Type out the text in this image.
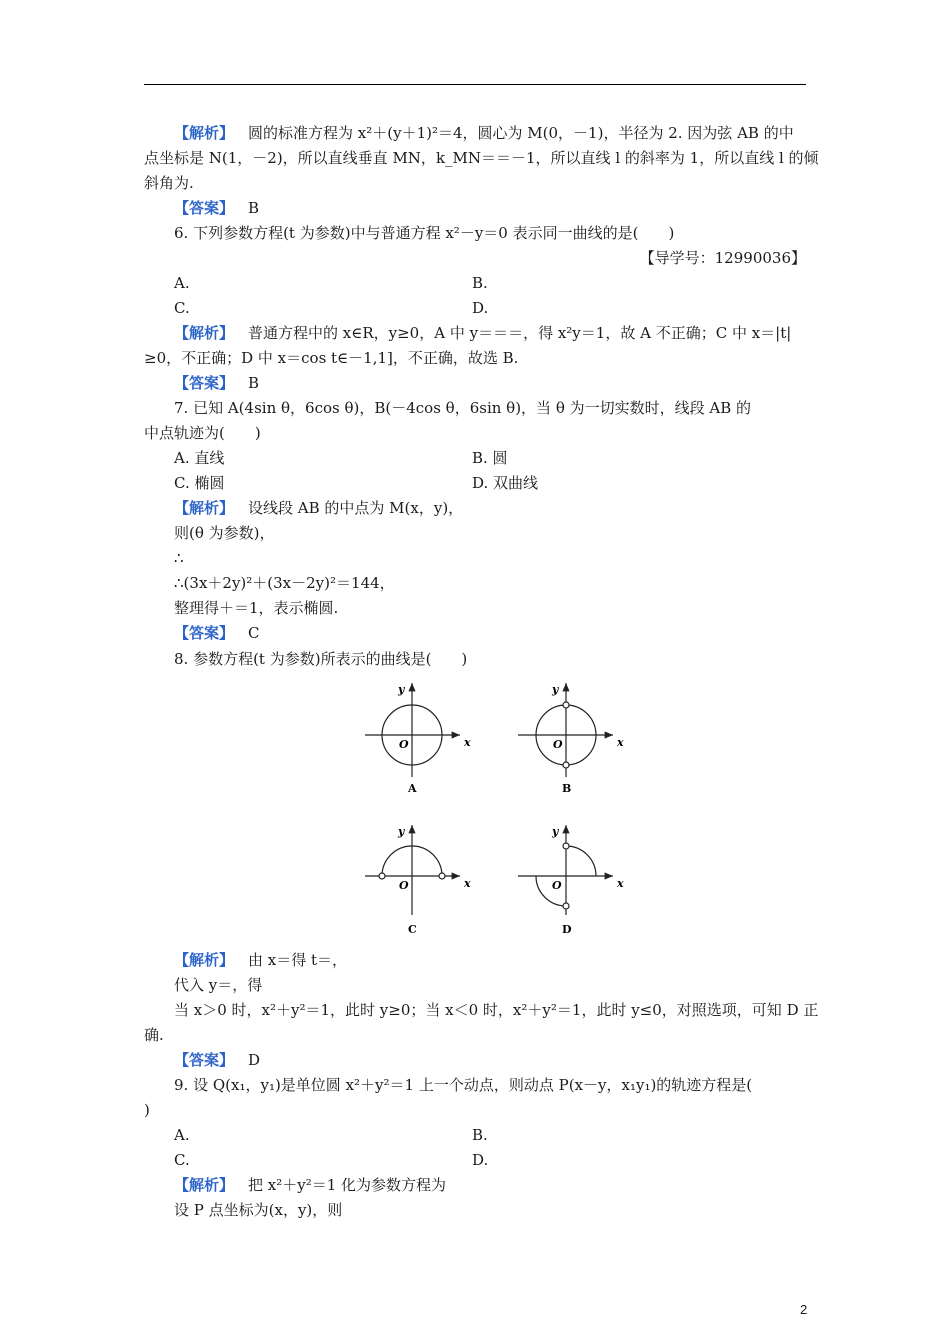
【解析】 圆的标准方程为 x²＋(y＋1)²＝4，圆心为 M(0，－1)，半径为 2. 因为弦 AB 的中
点坐标是 N(1，－2)，所以直线垂直 MN，k_MN＝＝－1，所以直线 l 的斜率为 1，所以直线 l 的倾
斜角为.
【答案】 B
6. 下列参数方程(t 为参数)中与普通方程 x²－y＝0 表示同一曲线的是(　　)
【导学号：12990036】
A.	B.
C.	D.
【解析】 普通方程中的 x∈R，y≥0，A 中 y＝＝＝，得 x²y＝1，故 A 不正确；C 中 x＝|t|
≥0，不正确；D 中 x＝cos t∈－1,1]，不正确，故选 B.
【答案】 B
7. 已知 A(4sin θ，6cos θ)，B(－4cos θ，6sin θ)，当 θ 为一切实数时，线段 AB 的
中点轨迹为(　　)
A. 直线	B. 圆
C. 椭圆	D. 双曲线
【解析】 设线段 AB 的中点为 M(x，y)，
则(θ 为参数)，
∴
∴(3x＋2y)²＋(3x－2y)²＝144，
整理得＋＝1，表示椭圆.
【答案】 C
8. 参数方程(t 为参数)所表示的曲线是(　　)
x
y
O
A
x
y
O
B
x
y
O
C
x
y
O
D
【解析】 由 x＝得 t＝，
代入 y＝，得
当 x＞0 时，x²＋y²＝1，此时 y≥0；当 x＜0 时，x²＋y²＝1，此时 y≤0，对照选项，可知 D 正
确.
【答案】 D
9. 设 Q(x₁，y₁)是单位圆 x²＋y²＝1 上一个动点，则动点 P(x－y，x₁y₁)的轨迹方程是(
)
A.	B.
C.	D.
【解析】 把 x²＋y²＝1 化为参数方程为
设 P 点坐标为(x，y)，则
2
